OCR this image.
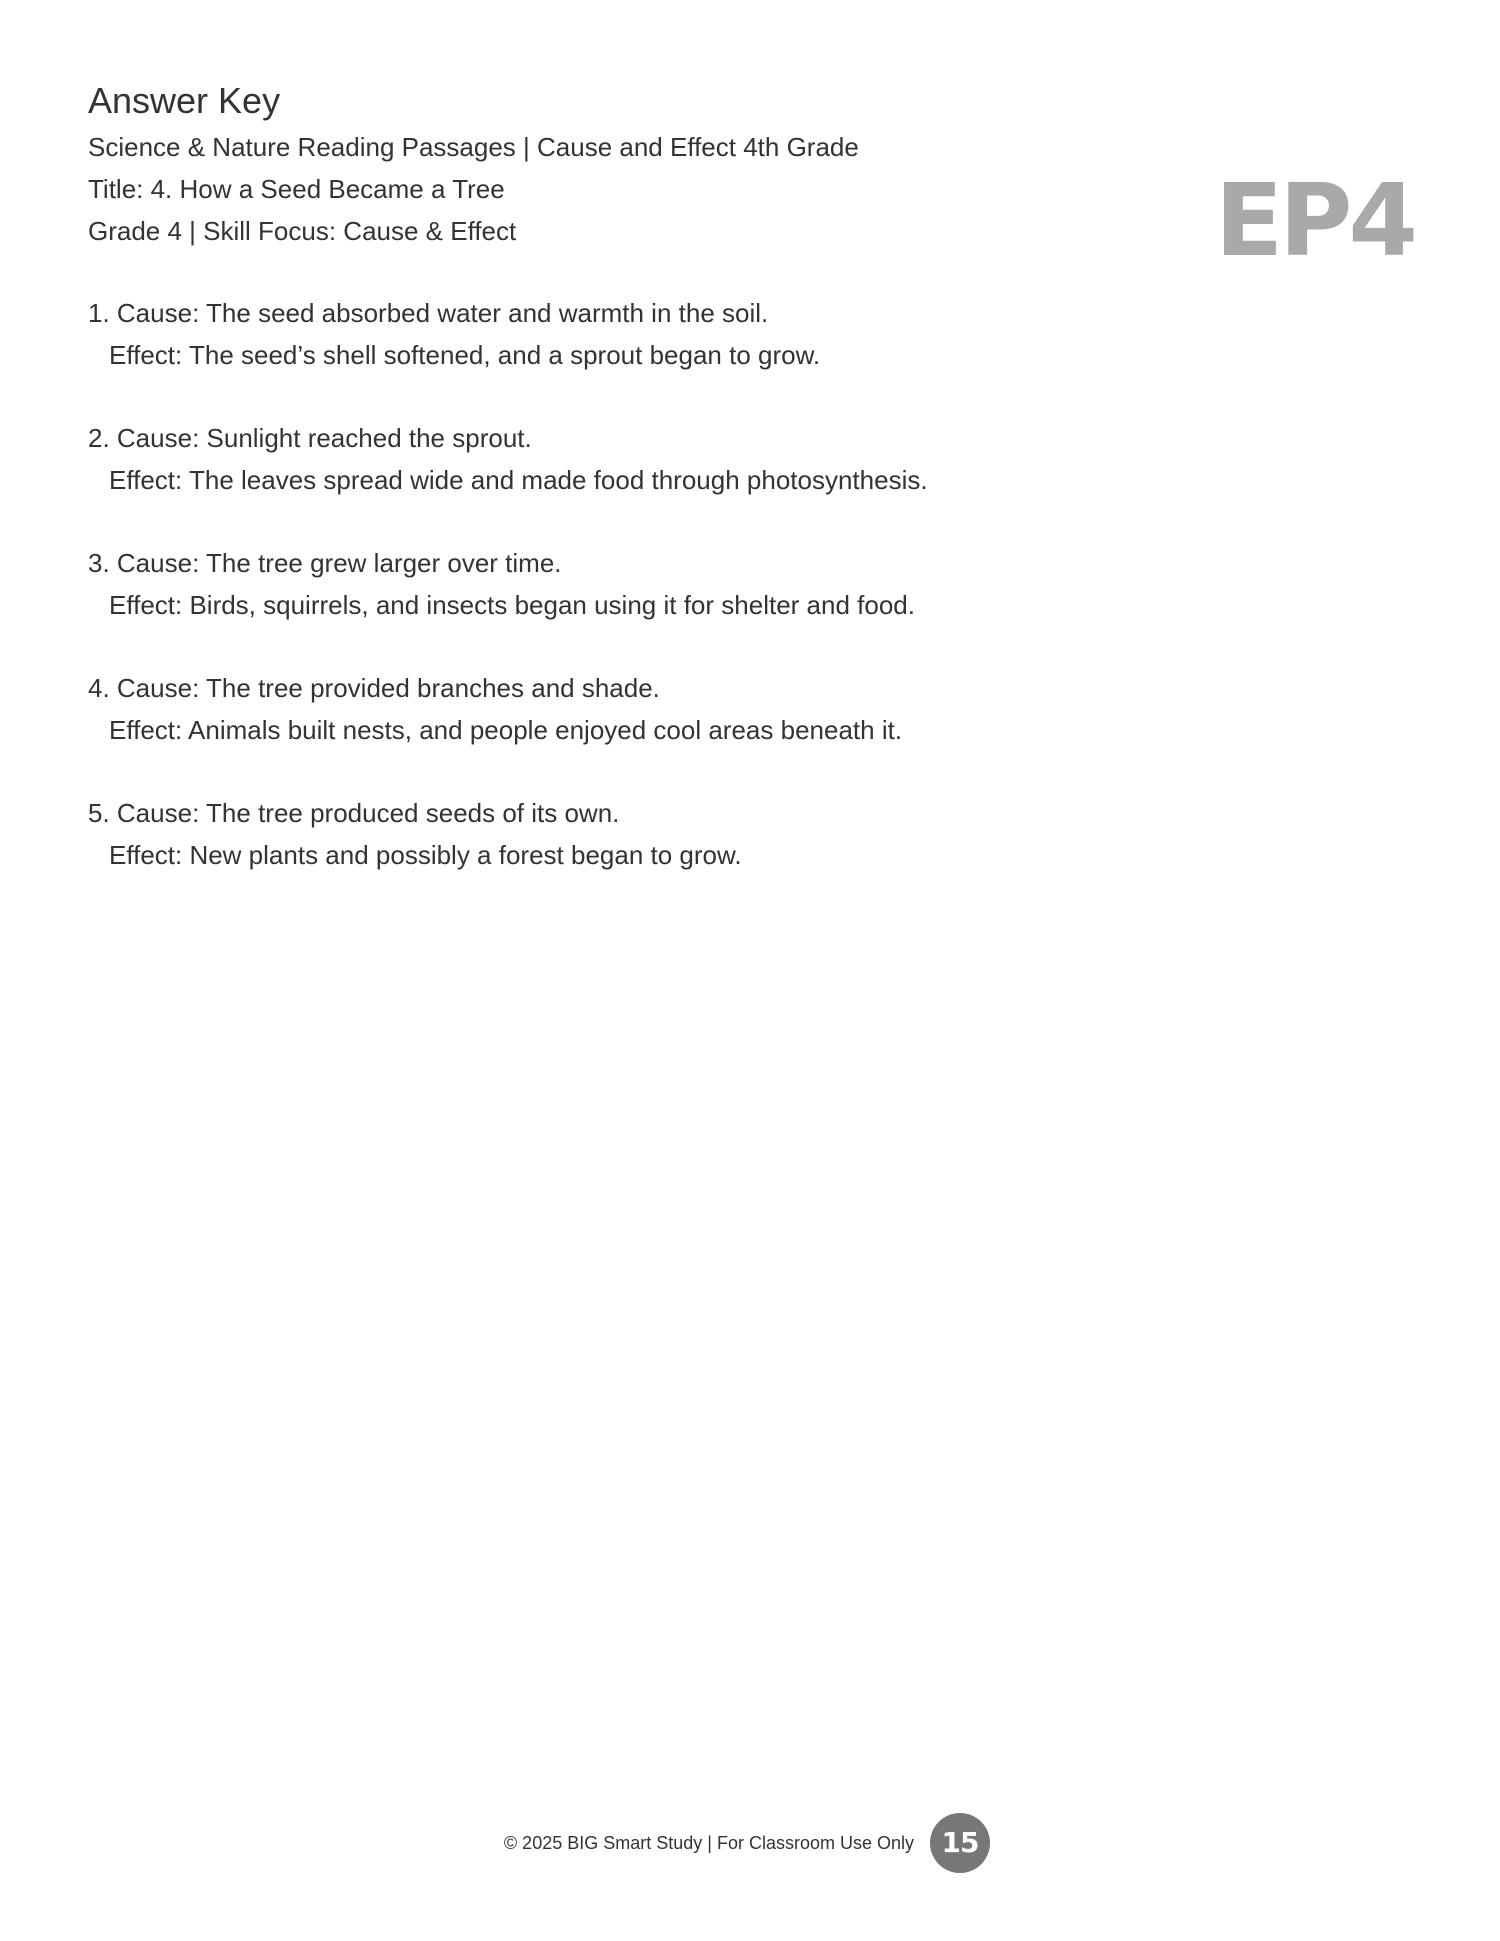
Answer Key

Science & Nature Reading Passages | Cause and Effect 4th Grade

Title: 4. How a Seed Became a Tree

Grade 4 | Skill Focus: Cause & Effect	EP4

1. Cause: The seed absorbed water and warmth in the soil.

Effect: The seed’s shell softened, and a sprout began to grow.

2. Cause: Sunlight reached the sprout.

Effect: The leaves spread wide and made food through photosynthesis.

3. Cause: The tree grew larger over time.

Effect: Birds, squirrels, and insects began using it for shelter and food.

4. Cause: The tree provided branches and shade.

Effect: Animals built nests, and people enjoyed cool areas beneath it.

5. Cause: The tree produced seeds of its own.

Effect: New plants and possibly a forest began to grow.

© 2025 BIG Smart Study | For Classroom Use Only 15
